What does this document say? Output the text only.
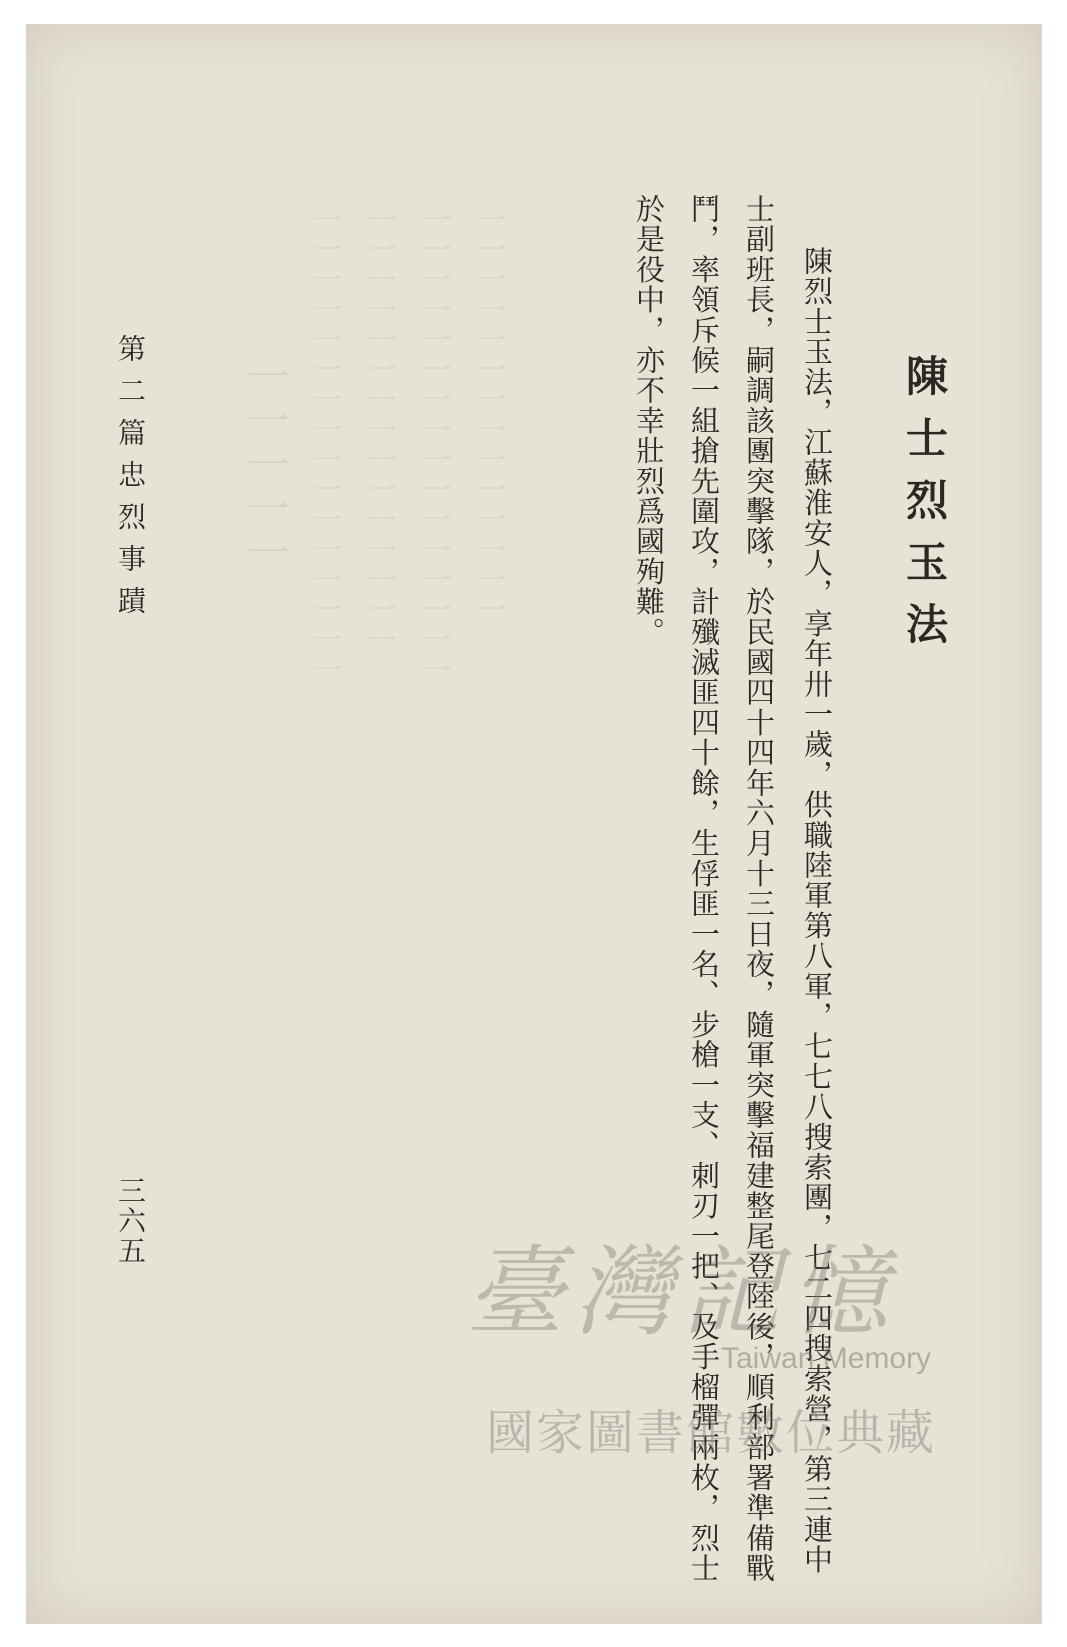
一一一一一一一一一一一一一一
一一一一一一一一一一一一一一一一
一一一一一一一一一一一一一一一
一一一一一一一一一一一一一一一一
一一一一一	陳士烈玉法
陳烈士玉法，江蘇淮安人，享年卅一歲，供職陸軍第八軍，七七八搜索團，七二四搜索營，第三連中
士副班長，嗣調該團突擊隊，於民國四十四年六月十三日夜，隨軍突擊福建整尾登陸後，順利部署準備戰
鬥，率領斥候一組搶先圍攻，計殲滅匪四十餘，生俘匪一名、步槍一支、刺刃一把、及手榴彈兩枚，烈士
於是役中，亦不幸壯烈爲國殉難。
第二篇忠烈事蹟
三六五
臺灣記憶
Taiwan Memory
國家圖書館數位典藏
